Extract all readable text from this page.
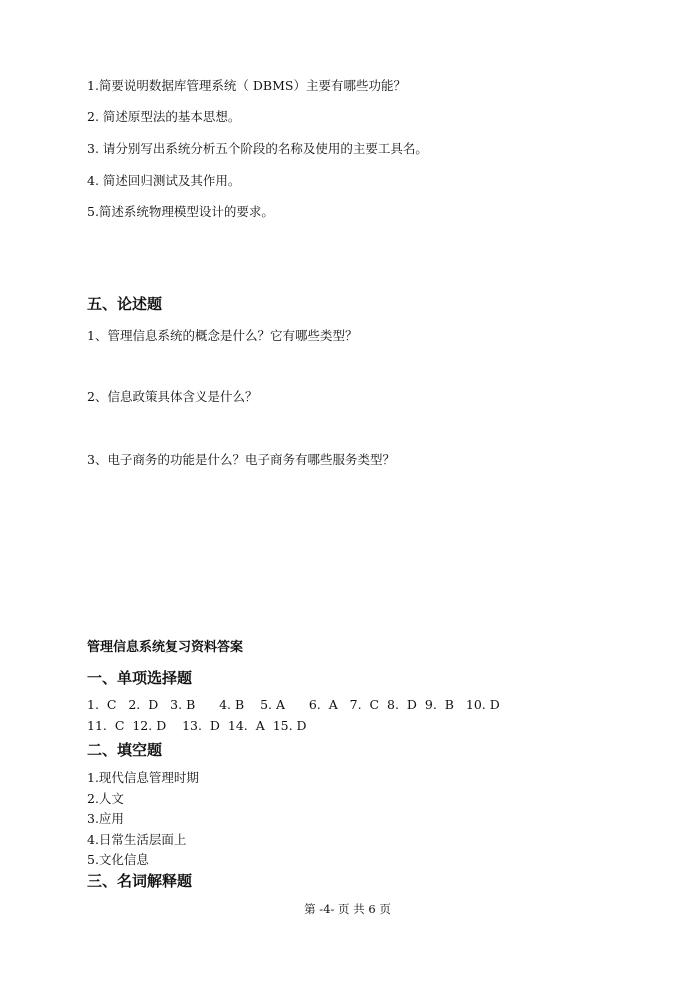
1.简要说明数据库管理系统（ DBMS）主要有哪些功能？
2. 简述原型法的基本思想。
3. 请分别写出系统分析五个阶段的名称及使用的主要工具名。
4. 简述回归测试及其作用。
5.简述系统物理模型设计的要求。
五、论述题
1、管理信息系统的概念是什么？它有哪些类型？
2、信息政策具体含义是什么？
3、电子商务的功能是什么？电子商务有哪些服务类型？
管理信息系统复习资料答案
一、单项选择题
1.  C   2.  D   3. B      4. B    5. A      6.  A   7.  C  8.  D  9.  B   10. D
11.  C  12. D    13.  D  14.  A  15. D
二、填空题
1.现代信息管理时期
2.人文
3.应用
4.日常生活层面上
5.文化信息
三、名词解释题
第 -4- 页 共 6 页
